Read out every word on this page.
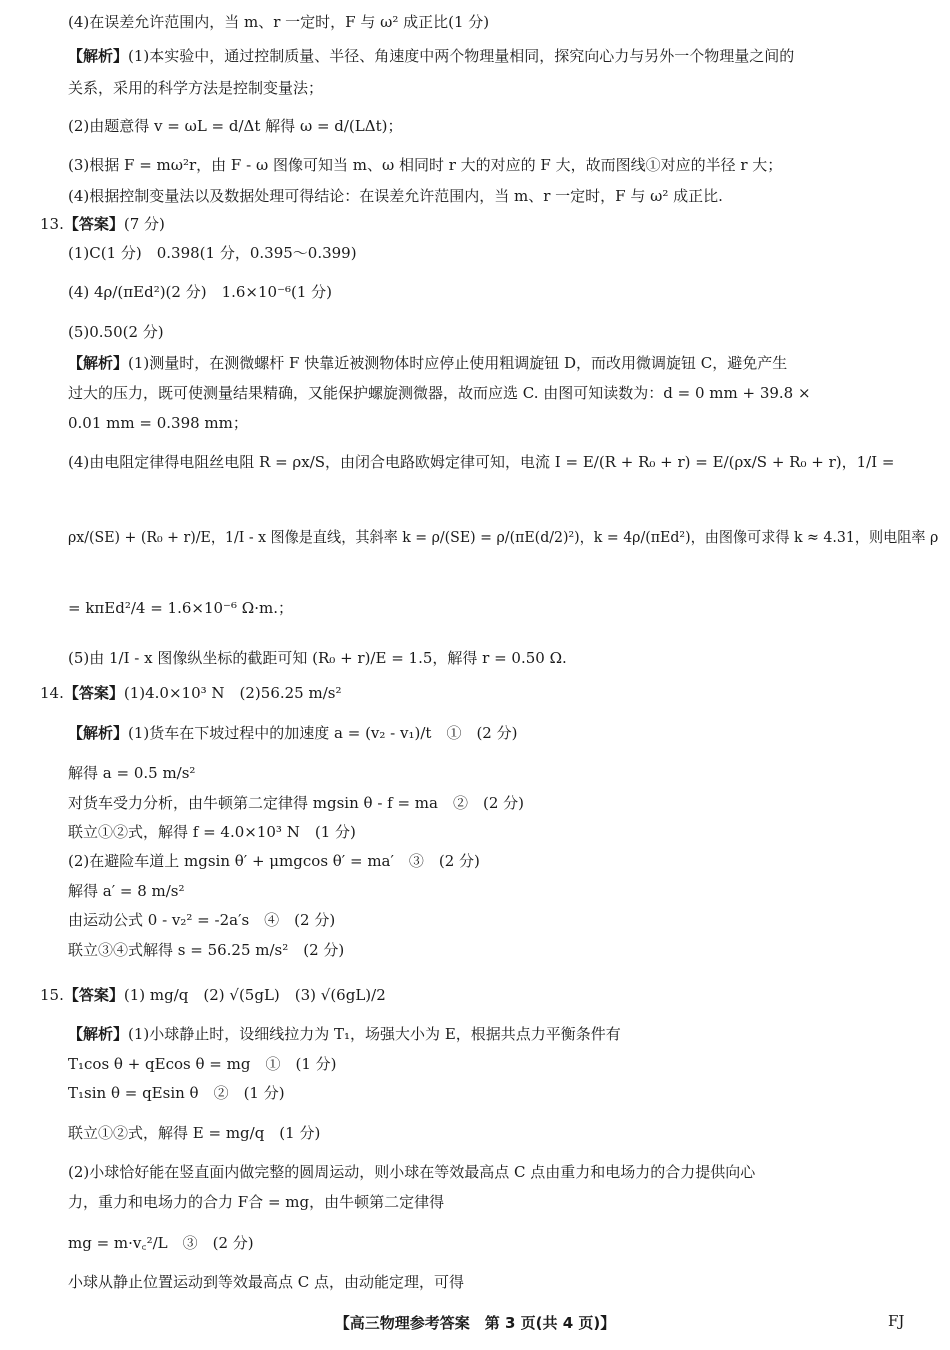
(4)在误差允许范围内，当 m、r 一定时，F 与 ω² 成正比(1 分)
【解析】(1)本实验中，通过控制质量、半径、角速度中两个物理量相同，探究向心力与另外一个物理量之间的
关系，采用的科学方法是控制变量法；
(2)由题意得 v = ωL = d/Δt 解得 ω = d/(LΔt)；
(3)根据 F = mω²r，由 F - ω 图像可知当 m、ω 相同时 r 大的对应的 F 大，故而图线①对应的半径 r 大；
(4)根据控制变量法以及数据处理可得结论：在误差允许范围内，当 m、r 一定时，F 与 ω² 成正比.
13.【答案】(7 分)
(1)C(1 分)　0.398(1 分，0.395～0.399)
(4) 4ρ/(πEd²)(2 分)　1.6×10⁻⁶(1 分)
(5)0.50(2 分)
【解析】(1)测量时，在测微螺杆 F 快靠近被测物体时应停止使用粗调旋钮 D，而改用微调旋钮 C，避免产生
过大的压力，既可使测量结果精确，又能保护螺旋测微器，故而应选 C. 由图可知读数为：d = 0 mm + 39.8 ×
0.01 mm = 0.398 mm；
(4)由电阻定律得电阻丝电阻 R = ρx/S，由闭合电路欧姆定律可知，电流 I = E/(R + R₀ + r) = E/(ρx/S + R₀ + r)，1/I =
ρx/(SE) + (R₀ + r)/E，1/I - x 图像是直线，其斜率 k = ρ/(SE) = ρ/(πE(d/2)²)，k = 4ρ/(πEd²)，由图像可求得 k ≈ 4.31，则电阻率 ρ
= kπEd²/4 = 1.6×10⁻⁶ Ω·m.；
(5)由 1/I - x 图像纵坐标的截距可知 (R₀ + r)/E = 1.5，解得 r = 0.50 Ω.
14.【答案】(1)4.0×10³ N　(2)56.25 m/s²
【解析】(1)货车在下坡过程中的加速度 a = (v₂ - v₁)/t　①　(2 分)
解得 a = 0.5 m/s²
对货车受力分析，由牛顿第二定律得 mgsin θ - f = ma　②　(2 分)
联立①②式，解得 f = 4.0×10³ N　(1 分)
(2)在避险车道上 mgsin θ′ + μmgcos θ′ = ma′　③　(2 分)
解得 a′ = 8 m/s²
由运动公式 0 - v₂² = -2a′s　④　(2 分)
联立③④式解得 s = 56.25 m/s²　(2 分)
15.【答案】(1) mg/q　(2) √(5gL)　(3) √(6gL)/2
【解析】(1)小球静止时，设细线拉力为 T₁，场强大小为 E，根据共点力平衡条件有
T₁cos θ + qEcos θ = mg　①　(1 分)
T₁sin θ = qEsin θ　②　(1 分)
联立①②式，解得 E = mg/q　(1 分)
(2)小球恰好能在竖直面内做完整的圆周运动，则小球在等效最高点 C 点由重力和电场力的合力提供向心
力，重力和电场力的合力 F合 = mg，由牛顿第二定律得
mg = m·v꜀²/L　③　(2 分)
小球从静止位置运动到等效最高点 C 点，由动能定理，可得
【高三物理参考答案　第 3 页(共 4 页)】	FJ
